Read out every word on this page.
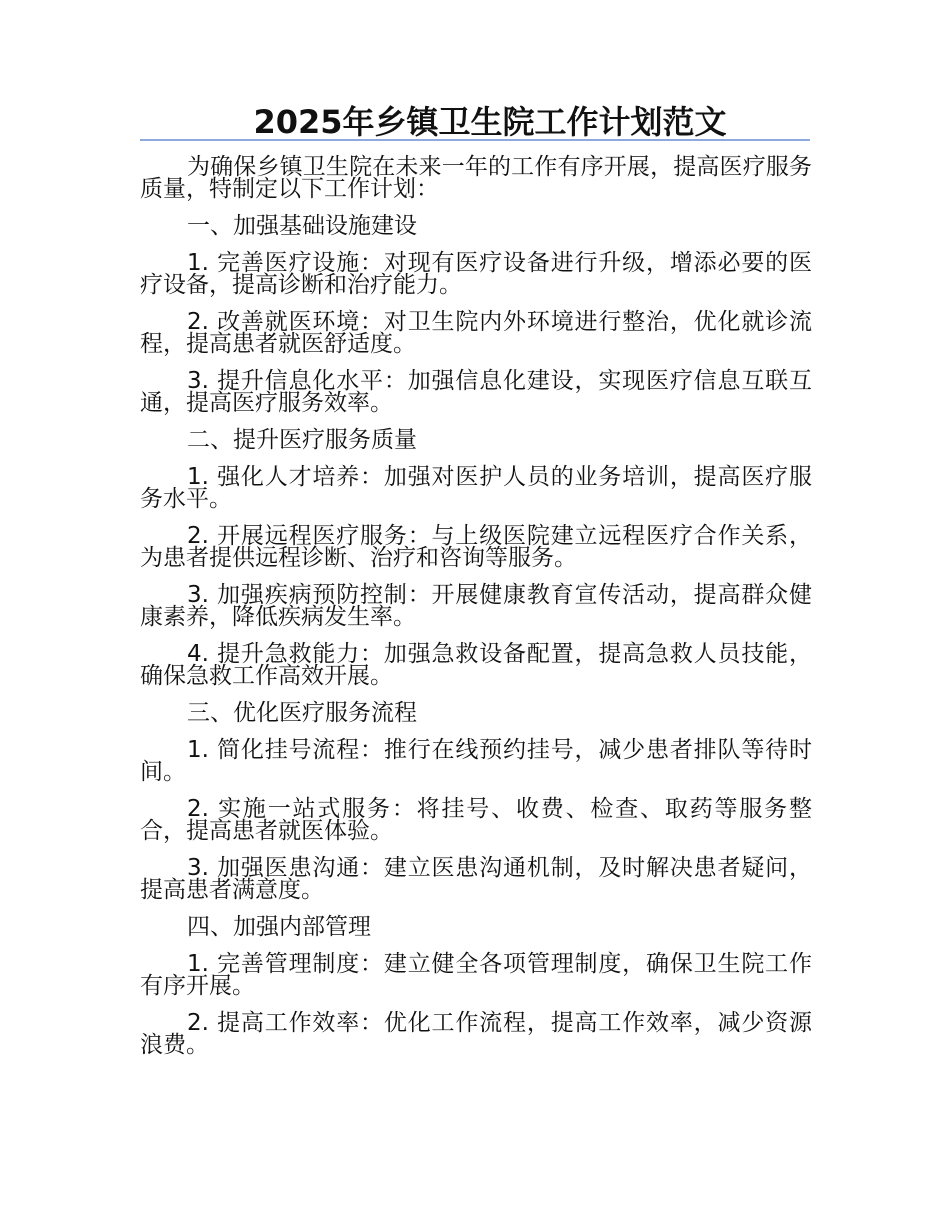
2025年乡镇卫生院工作计划范文

为确保乡镇卫生院在未来一年的工作有序开展，提高医疗服务质量，特制定以下工作计划：

一、加强基础设施建设

1. 完善医疗设施：对现有医疗设备进行升级，增添必要的医疗设备，提高诊断和治疗能力。

2. 改善就医环境：对卫生院内外环境进行整治，优化就诊流程，提高患者就医舒适度。

3. 提升信息化水平：加强信息化建设，实现医疗信息互联互通，提高医疗服务效率。

二、提升医疗服务质量

1. 强化人才培养：加强对医护人员的业务培训，提高医疗服务水平。

2. 开展远程医疗服务：与上级医院建立远程医疗合作关系，为患者提供远程诊断、治疗和咨询等服务。

3. 加强疾病预防控制：开展健康教育宣传活动，提高群众健康素养，降低疾病发生率。

4. 提升急救能力：加强急救设备配置，提高急救人员技能，确保急救工作高效开展。

三、优化医疗服务流程

1. 简化挂号流程：推行在线预约挂号，减少患者排队等待时间。

2. 实施一站式服务：将挂号、收费、检查、取药等服务整合，提高患者就医体验。

3. 加强医患沟通：建立医患沟通机制，及时解决患者疑问，提高患者满意度。

四、加强内部管理

1. 完善管理制度：建立健全各项管理制度，确保卫生院工作有序开展。

2. 提高工作效率：优化工作流程，提高工作效率，减少资源浪费。
